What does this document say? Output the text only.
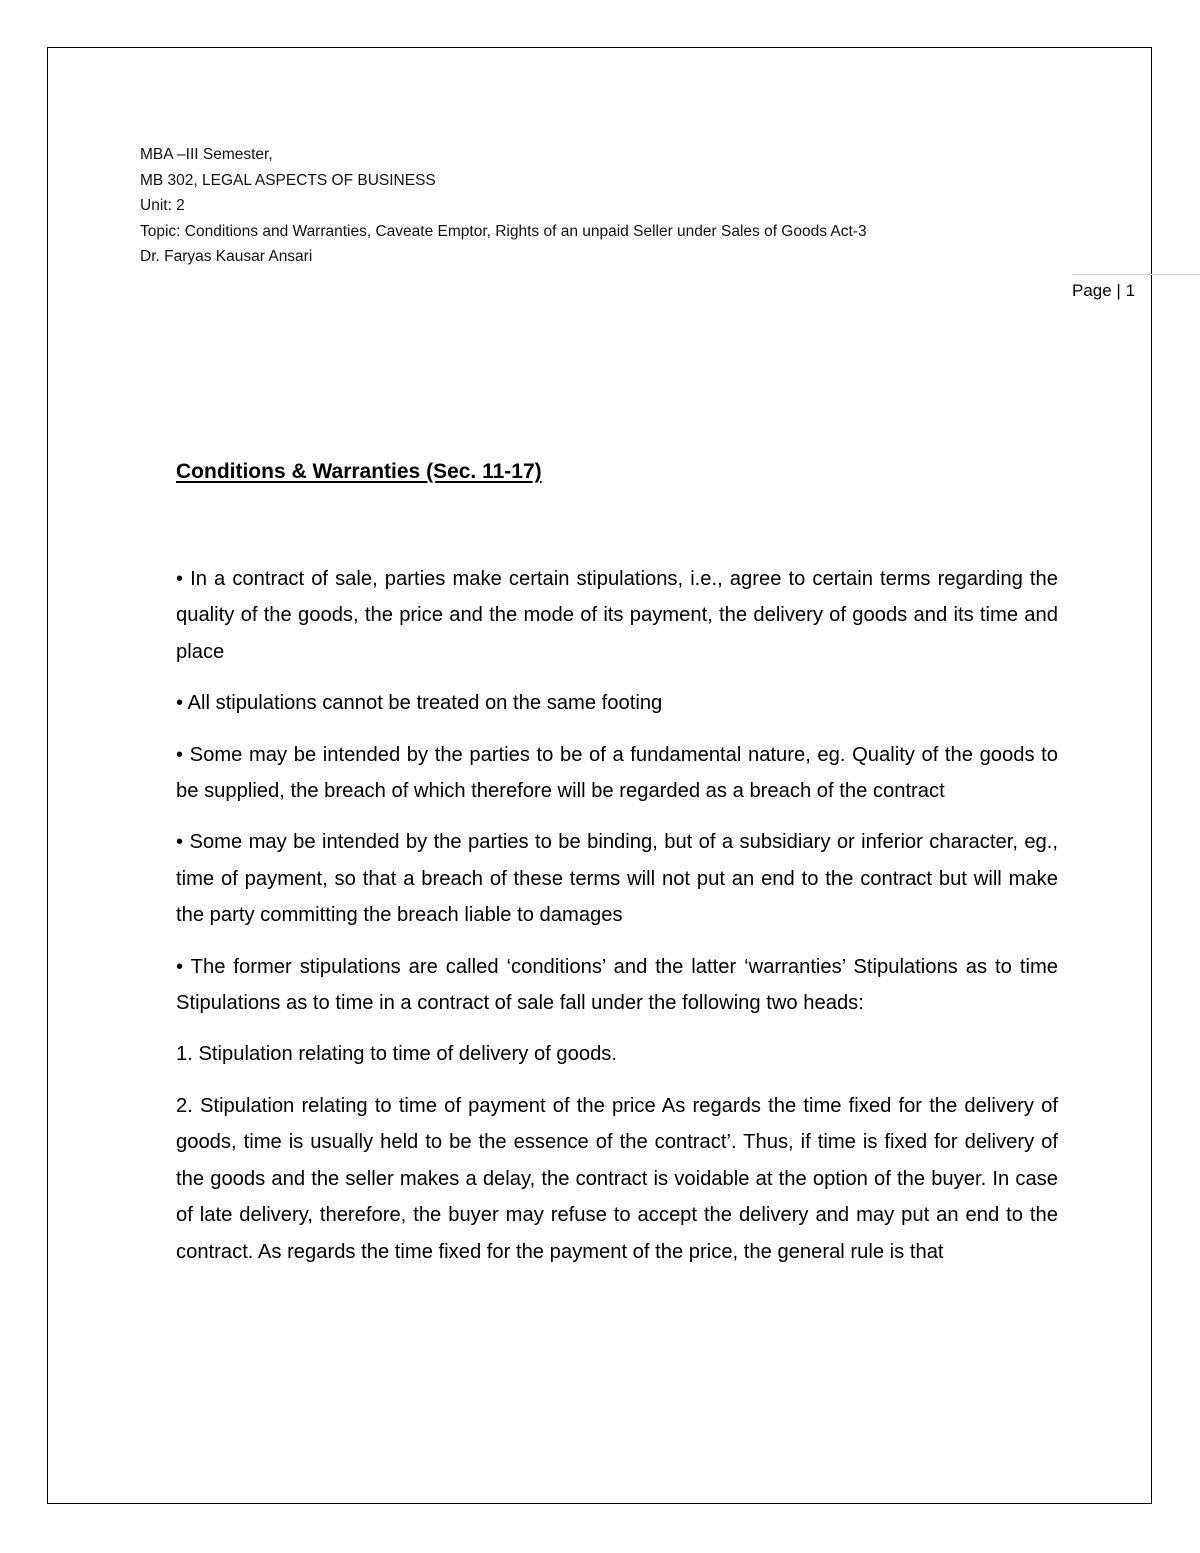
MBA –III Semester,
MB 302, LEGAL ASPECTS OF BUSINESS
Unit: 2
Topic: Conditions and Warranties, Caveate Emptor, Rights of an unpaid Seller under Sales of Goods Act-3
Dr. Faryas Kausar Ansari
Page | 1
Conditions & Warranties (Sec. 11-17)

• In a contract of sale, parties make certain stipulations, i.e., agree to certain terms regarding the quality of the goods, the price and the mode of its payment, the delivery of goods and its time and place

• All stipulations cannot be treated on the same footing

• Some may be intended by the parties to be of a fundamental nature, eg. Quality of the goods to be supplied, the breach of which therefore will be regarded as a breach of the contract

• Some may be intended by the parties to be binding, but of a subsidiary or inferior character, eg., time of payment, so that a breach of these terms will not put an end to the contract but will make the party committing the breach liable to damages

• The former stipulations are called ‘conditions’ and the latter ‘warranties’ Stipulations as to time Stipulations as to time in a contract of sale fall under the following two heads:

1. Stipulation relating to time of delivery of goods.

2. Stipulation relating to time of payment of the price As regards the time fixed for the delivery of goods, time is usually held to be the essence of the contract’. Thus, if time is fixed for delivery of the goods and the seller makes a delay, the contract is voidable at the option of the buyer. In case of late delivery, therefore, the buyer may refuse to accept the delivery and may put an end to the contract. As regards the time fixed for the payment of the price, the general rule is that
